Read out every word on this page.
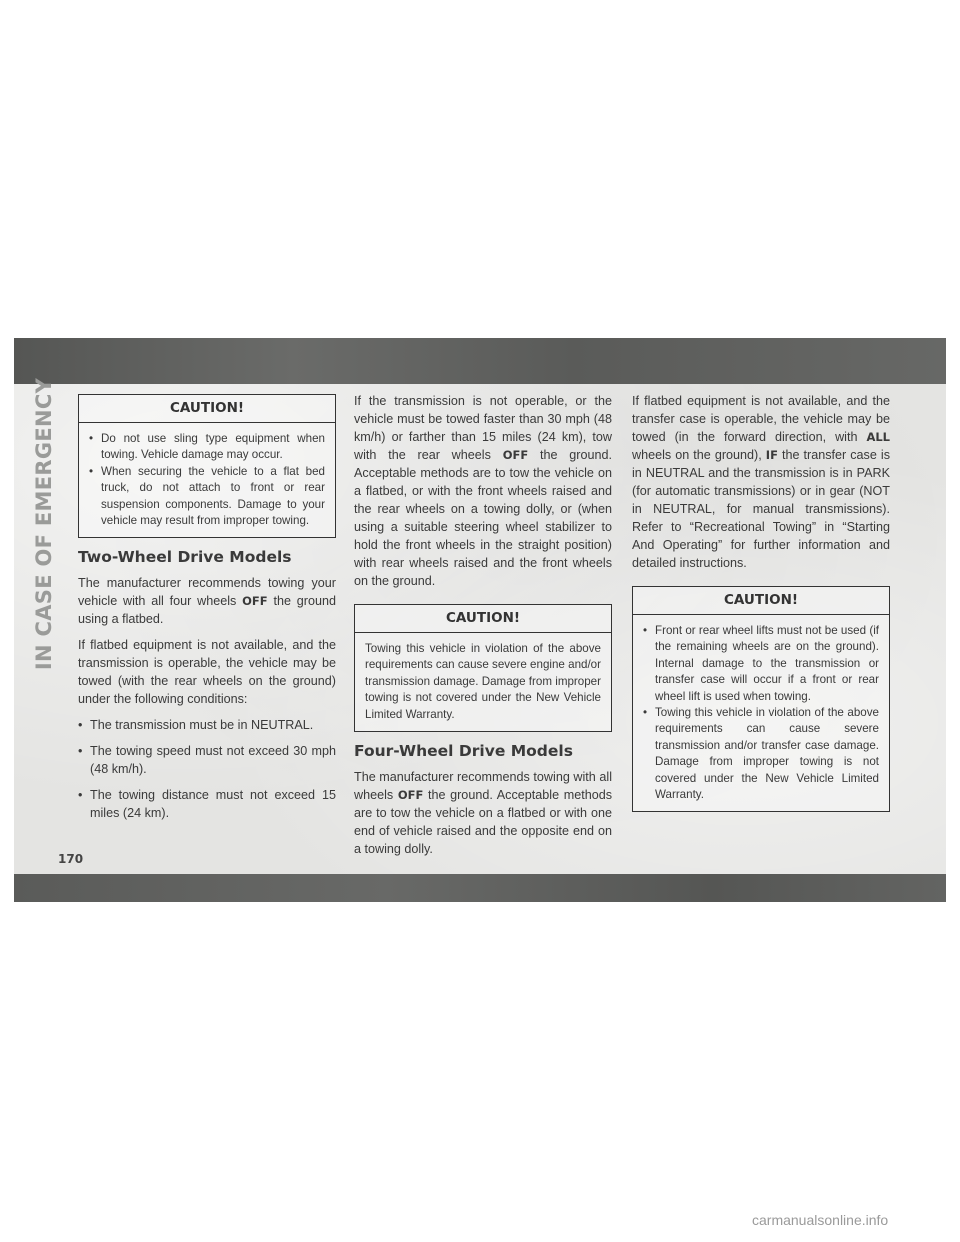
IN CASE OF EMERGENCY	CAUTION!
• Do not use sling type equipment when towing. Vehicle damage may occur.
• When securing the vehicle to a flat bed truck, do not attach to front or rear suspension components. Damage to your vehicle may result from improper towing.
Two-Wheel Drive Models

The manufacturer recommends towing your vehicle with all four wheels OFF the ground using a flatbed.

If flatbed equipment is not available, and the transmission is operable, the vehicle may be towed (with the rear wheels on the ground) under the following conditions:

• The transmission must be in NEUTRAL.
• The towing speed must not exceed 30 mph (48 km/h).
• The towing distance must not exceed 15 miles (24 km).

If the transmission is not operable, or the vehicle must be towed faster than 30 mph (48 km/h) or farther than 15 miles (24 km), tow with the rear wheels OFF the ground. Acceptable methods are to tow the vehicle on a flatbed, or with the front wheels raised and the rear wheels on a towing dolly, or (when using a suitable steering wheel stabilizer to hold the front wheels in the straight position) with rear wheels raised and the front wheels on the ground.

CAUTION!

Towing this vehicle in violation of the above requirements can cause severe engine and/or transmission damage. Damage from improper towing is not covered under the New Vehicle Limited Warranty.

Four-Wheel Drive Models

The manufacturer recommends towing with all wheels OFF the ground. Acceptable methods are to tow the vehicle on a flatbed or with one end of vehicle raised and the opposite end on a towing dolly.

If flatbed equipment is not available, and the transfer case is operable, the vehicle may be towed (in the forward direction, with ALL wheels on the ground), IF the transfer case is in NEUTRAL and the transmission is in PARK (for automatic transmissions) or in gear (NOT in NEUTRAL, for manual transmissions). Refer to “Recreational Towing” in “Starting And Operating” for further information and detailed instructions.

CAUTION!
• Front or rear wheel lifts must not be used (if the remaining wheels are on the ground). Internal damage to the transmission or transfer case will occur if a front or rear wheel lift is used when towing.
• Towing this vehicle in violation of the above requirements can cause severe transmission and/or transfer case damage. Damage from improper towing is not covered under the New Vehicle Limited Warranty.
170
carmanualsonline.info
